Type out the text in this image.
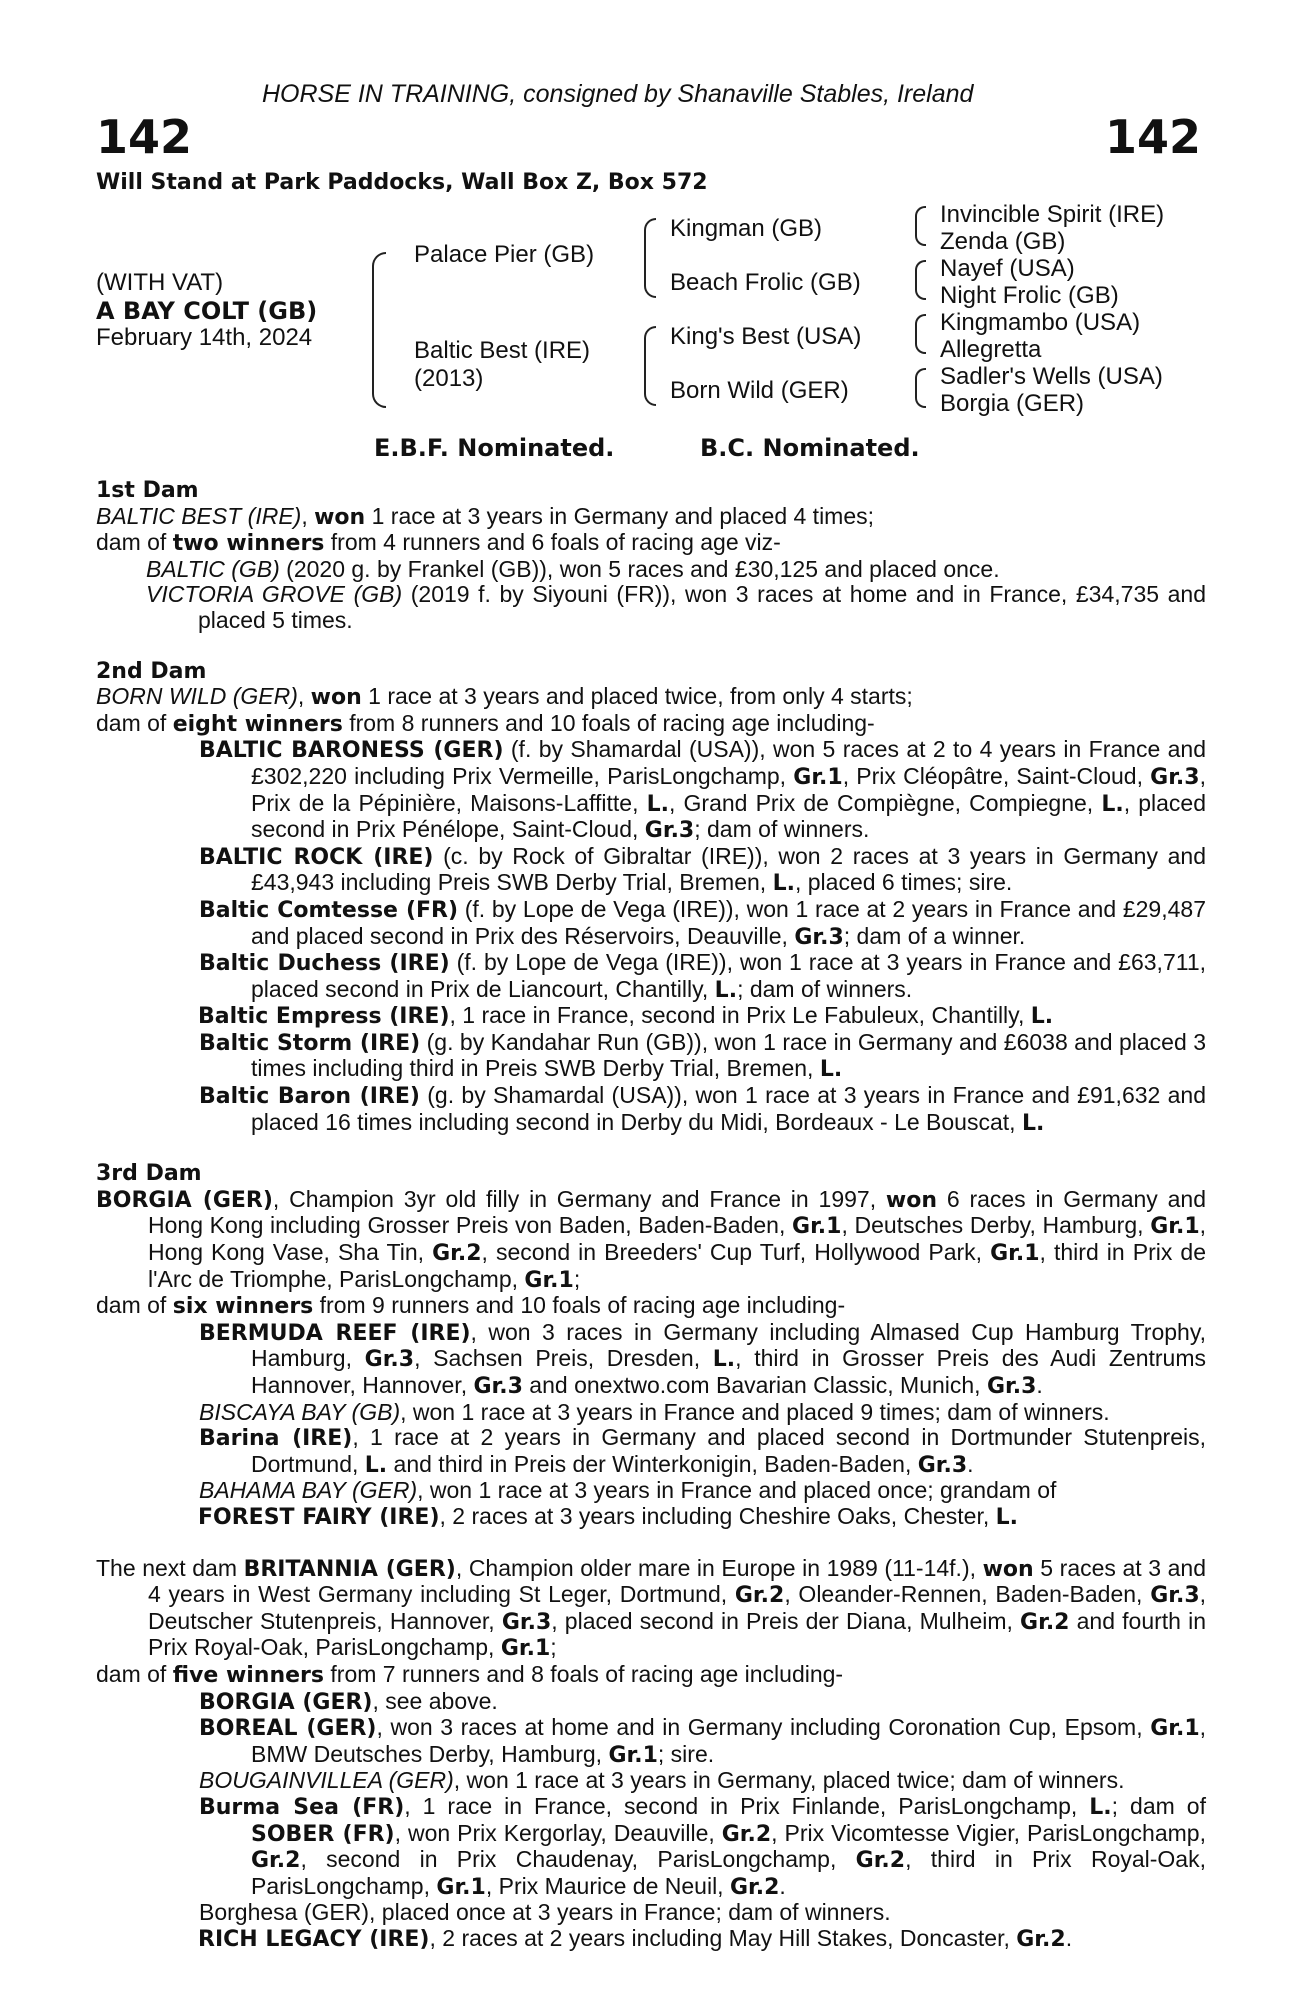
HORSE IN TRAINING, consigned by Shanaville Stables, Ireland
142	142
Will Stand at Park Paddocks, Wall Box Z, Box 572
(WITH VAT)
A BAY COLT (GB)
February 14th, 2024
Palace Pier (GB)
Baltic Best (IRE)
(2013)
Kingman (GB)
Beach Frolic (GB)
King's Best (USA)
Born Wild (GER)
Invincible Spirit (IRE)
Zenda (GB)
Nayef (USA)
Night Frolic (GB)
Kingmambo (USA)
Allegretta
Sadler's Wells (USA)
Borgia (GER)
E.B.F. Nominated.	B.C. Nominated.
1st Dam

BALTIC BEST (IRE), won 1 race at 3 years in Germany and placed 4 times;

dam of two winners from 4 runners and 6 foals of racing age viz-

BALTIC (GB) (2020 g. by Frankel (GB)), won 5 races and £30,125 and placed once.

VICTORIA GROVE (GB) (2019 f. by Siyouni (FR)), won 3 races at home and in France, £34,735 and placed 5 times.

2nd Dam

BORN WILD (GER), won 1 race at 3 years and placed twice, from only 4 starts;

dam of eight winners from 8 runners and 10 foals of racing age including-

BALTIC BARONESS (GER) (f. by Shamardal (USA)), won 5 races at 2 to 4 years in France and £302,220 including Prix Vermeille, ParisLongchamp, Gr.1, Prix Cléopâtre, Saint-Cloud, Gr.3, Prix de la Pépinière, Maisons-Laffitte, L., Grand Prix de Compiègne, Compiegne, L., placed second in Prix Pénélope, Saint-Cloud, Gr.3; dam of winners.

BALTIC ROCK (IRE) (c. by Rock of Gibraltar (IRE)), won 2 races at 3 years in Germany and £43,943 including Preis SWB Derby Trial, Bremen, L., placed 6 times; sire.

Baltic Comtesse (FR) (f. by Lope de Vega (IRE)), won 1 race at 2 years in France and £29,487 and placed second in Prix des Réservoirs, Deauville, Gr.3; dam of a winner.

Baltic Duchess (IRE) (f. by Lope de Vega (IRE)), won 1 race at 3 years in France and £63,711, placed second in Prix de Liancourt, Chantilly, L.; dam of winners.

Baltic Empress (IRE), 1 race in France, second in Prix Le Fabuleux, Chantilly, L.

Baltic Storm (IRE) (g. by Kandahar Run (GB)), won 1 race in Germany and £6038 and placed 3 times including third in Preis SWB Derby Trial, Bremen, L.

Baltic Baron (IRE) (g. by Shamardal (USA)), won 1 race at 3 years in France and £91,632 and placed 16 times including second in Derby du Midi, Bordeaux - Le Bouscat, L.

3rd Dam

BORGIA (GER), Champion 3yr old filly in Germany and France in 1997, won 6 races in Germany and Hong Kong including Grosser Preis von Baden, Baden-Baden, Gr.1, Deutsches Derby, Hamburg, Gr.1, Hong Kong Vase, Sha Tin, Gr.2, second in Breeders' Cup Turf, Hollywood Park, Gr.1, third in Prix de l'Arc de Triomphe, ParisLongchamp, Gr.1;

dam of six winners from 9 runners and 10 foals of racing age including-

BERMUDA REEF (IRE), won 3 races in Germany including Almased Cup Hamburg Trophy, Hamburg, Gr.3, Sachsen Preis, Dresden, L., third in Grosser Preis des Audi Zentrums Hannover, Hannover, Gr.3 and onextwo.com Bavarian Classic, Munich, Gr.3.

BISCAYA BAY (GB), won 1 race at 3 years in France and placed 9 times; dam of winners.

Barina (IRE), 1 race at 2 years in Germany and placed second in Dortmunder Stutenpreis, Dortmund, L. and third in Preis der Winterkonigin, Baden-Baden, Gr.3.

BAHAMA BAY (GER), won 1 race at 3 years in France and placed once; grandam of

FOREST FAIRY (IRE), 2 races at 3 years including Cheshire Oaks, Chester, L.

The next dam BRITANNIA (GER), Champion older mare in Europe in 1989 (11-14f.), won 5 races at 3 and 4 years in West Germany including St Leger, Dortmund, Gr.2, Oleander-Rennen, Baden-Baden, Gr.3, Deutscher Stutenpreis, Hannover, Gr.3, placed second in Preis der Diana, Mulheim, Gr.2 and fourth in Prix Royal-Oak, ParisLongchamp, Gr.1;

dam of five winners from 7 runners and 8 foals of racing age including-

BORGIA (GER), see above.

BOREAL (GER), won 3 races at home and in Germany including Coronation Cup, Epsom, Gr.1, BMW Deutsches Derby, Hamburg, Gr.1; sire.

BOUGAINVILLEA (GER), won 1 race at 3 years in Germany, placed twice; dam of winners.

Burma Sea (FR), 1 race in France, second in Prix Finlande, ParisLongchamp, L.; dam of SOBER (FR), won Prix Kergorlay, Deauville, Gr.2, Prix Vicomtesse Vigier, ParisLongchamp, Gr.2, second in Prix Chaudenay, ParisLongchamp, Gr.2, third in Prix Royal-Oak, ParisLongchamp, Gr.1, Prix Maurice de Neuil, Gr.2.

Borghesa (GER), placed once at 3 years in France; dam of winners.

RICH LEGACY (IRE), 2 races at 2 years including May Hill Stakes, Doncaster, Gr.2.
